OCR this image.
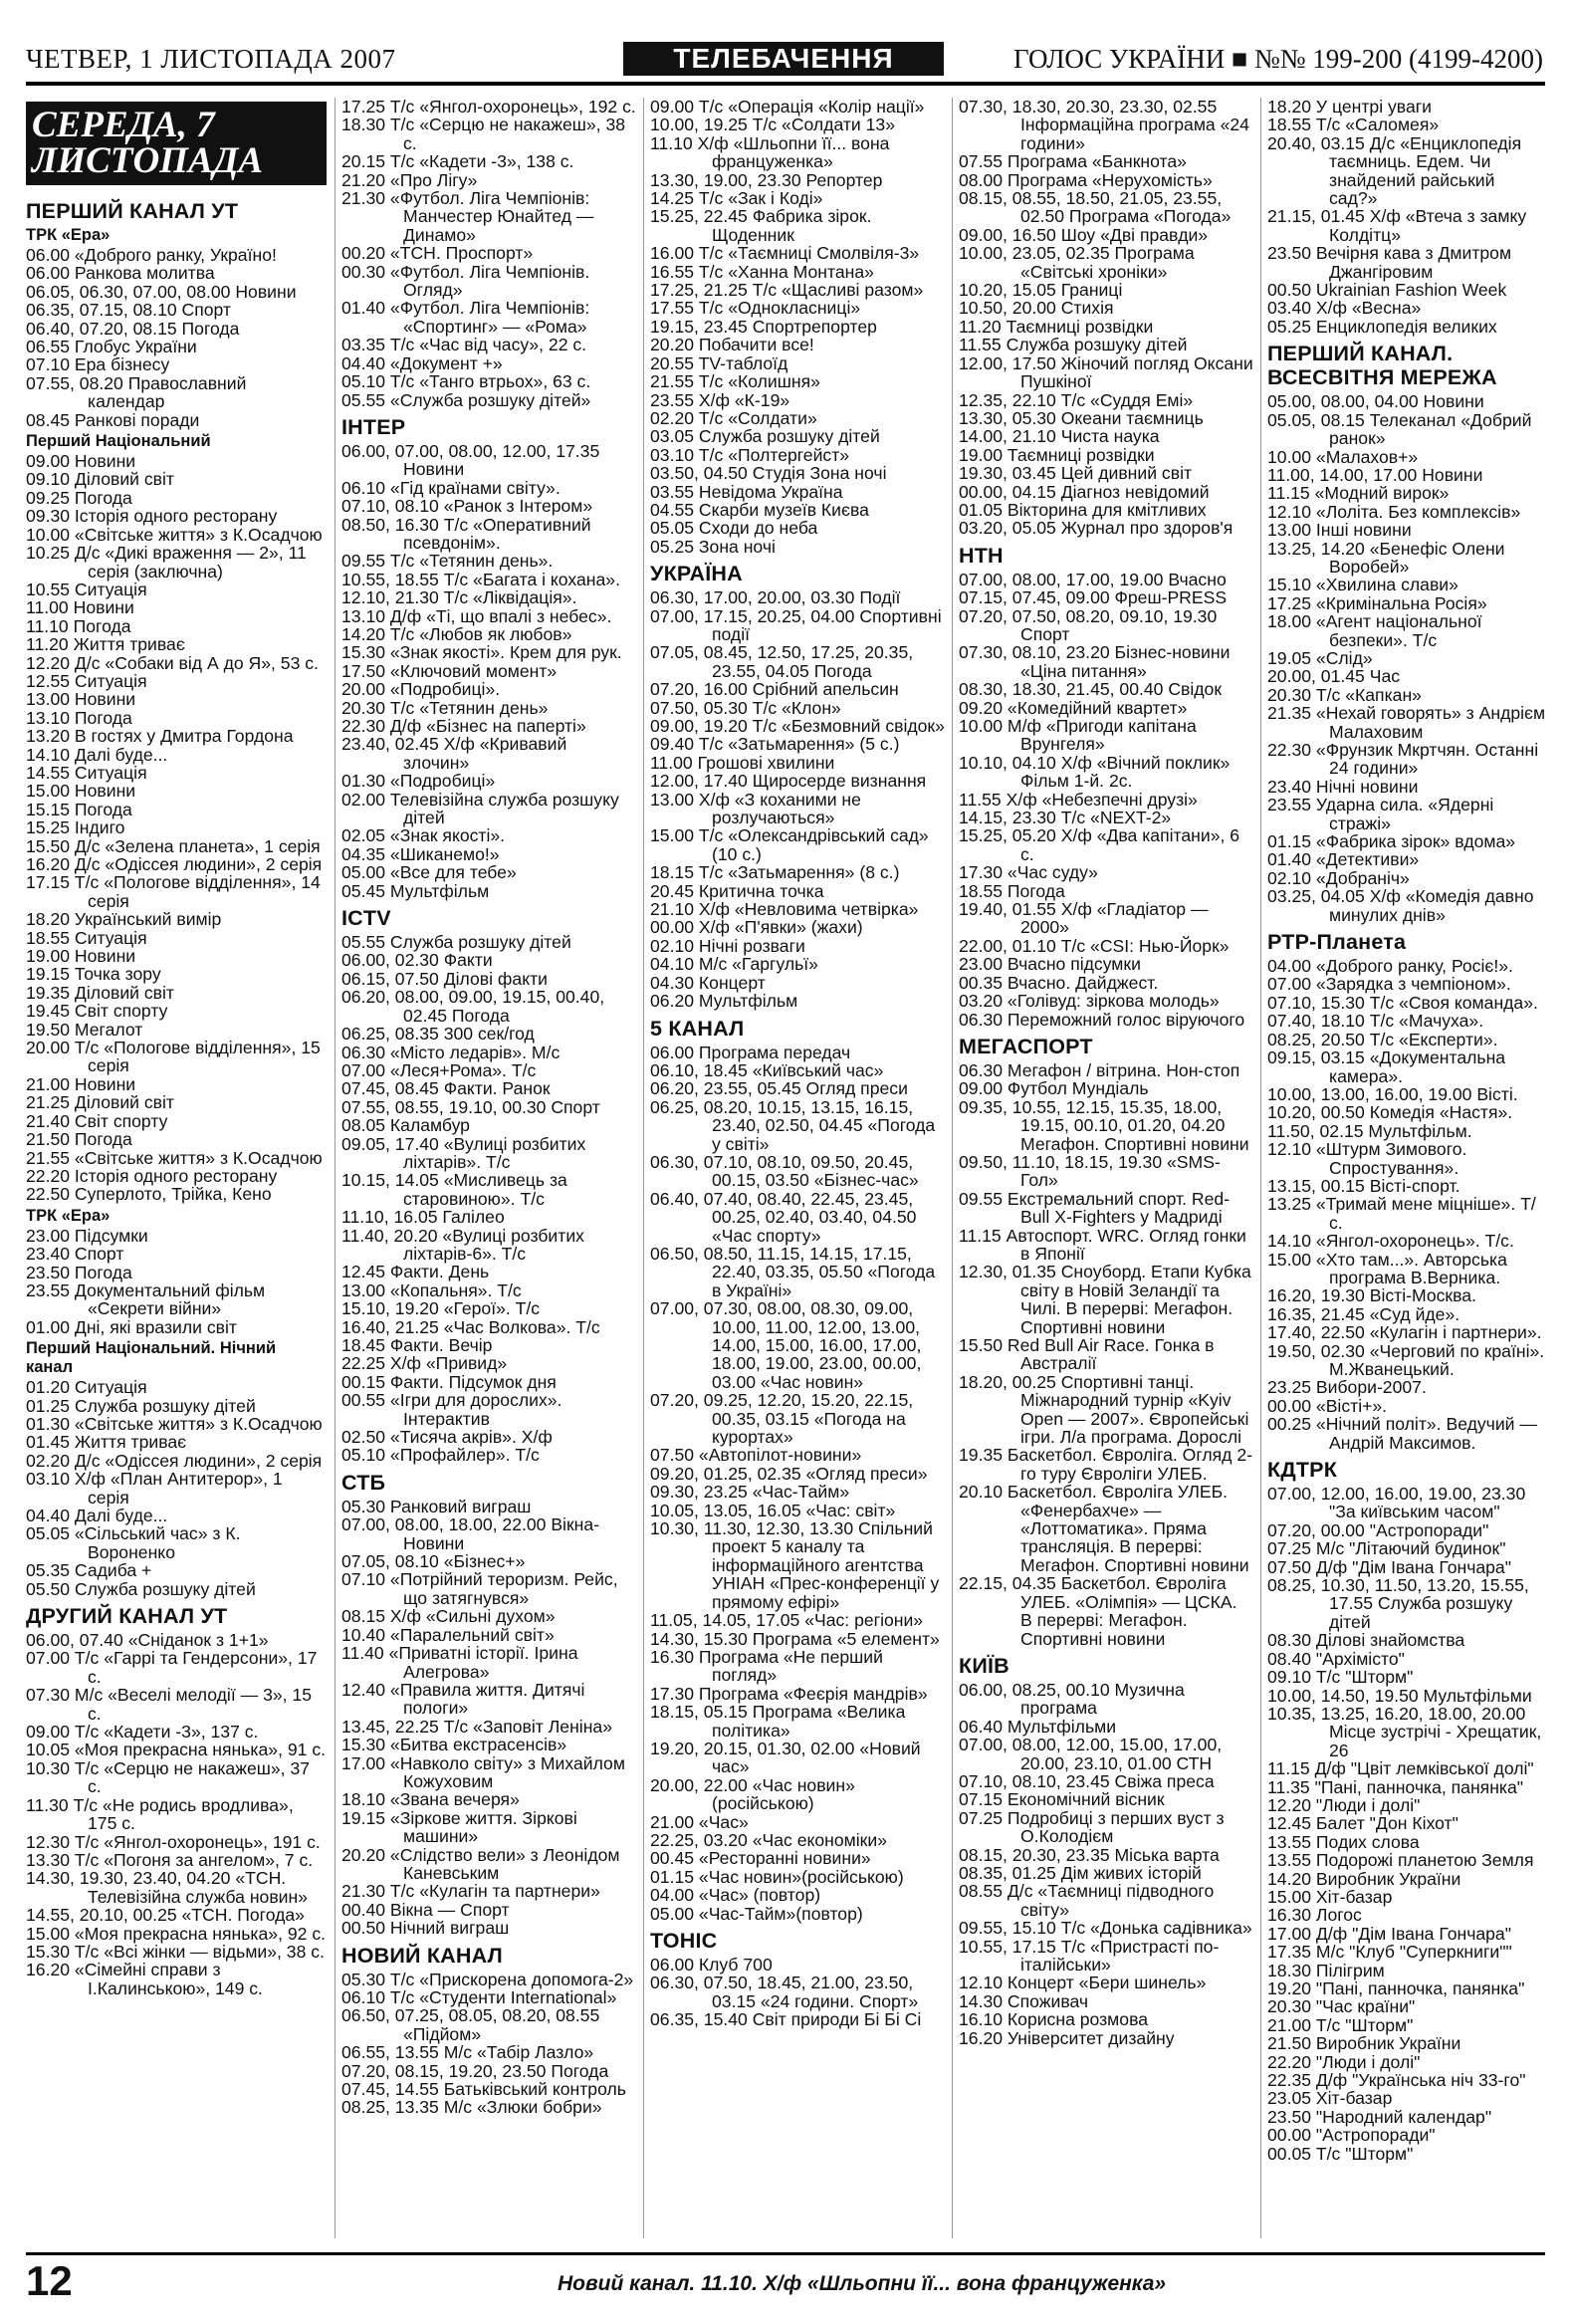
ЧЕТВЕР, 1 ЛИСТОПАДА 2007	ТЕЛЕБАЧЕННЯ	ГОЛОС УКРАЇНИ ■ №№ 199-200 (4199-4200)
СЕРЕДА, 7 ЛИСТОПАДА
ПЕРШИЙ КАНАЛ УТ
ТРК «Ера»
06.00 «Доброго ранку, Україно!
06.00 Ранкова молитва
06.05, 06.30, 07.00, 08.00 Новини
06.35, 07.15, 08.10 Спорт
06.40, 07.20, 08.15 Погода
06.55 Глобус України
07.10 Ера бізнесу
07.55, 08.20 Православний календар
08.45 Ранкові поради
Перший Національний
09.00 Новини
09.10 Діловий світ
09.25 Погода
09.30 Історія одного ресторану
10.00 «Світське життя» з К.Осадчою
10.25 Д/с «Дикі враження — 2», 11 серія (заключна)
10.55 Ситуація
11.00 Новини
11.10 Погода
11.20 Життя триває
12.20 Д/с «Собаки від А до Я», 53 с.
12.55 Ситуація
13.00 Новини
13.10 Погода
13.20 В гостях у Дмитра Гордона
14.10 Далі буде...
14.55 Ситуація
15.00 Новини
15.15 Погода
15.25 Індиго
15.50 Д/с «Зелена планета», 1 серія
16.20 Д/с «Одіссея людини», 2 серія
17.15 Т/с «Пологове відділення», 14 серія
18.20 Український вимір
18.55 Ситуація
19.00 Новини
19.15 Точка зору
19.35 Діловий світ
19.45 Світ спорту
19.50 Мегалот
20.00 Т/с «Пологове відділення», 15 серія
21.00 Новини
21.25 Діловий світ
21.40 Світ спорту
21.50 Погода
21.55 «Світське життя» з К.Осадчою
22.20 Історія одного ресторану
22.50 Суперлото, Трійка, Кено
ТРК «Ера»
23.00 Підсумки
23.40 Спорт
23.50 Погода
23.55 Документальний фільм «Секрети війни»
01.00 Дні, які вразили світ
Перший Національний. Нічний канал
01.20 Ситуація
01.25 Служба розшуку дітей
01.30 «Світське життя» з К.Осадчою
01.45 Життя триває
02.20 Д/с «Одіссея людини», 2 серія
03.10 Х/ф «План Антитерор», 1 серія
04.40 Далі буде...
05.05 «Сільський час» з К. Вороненко
05.35 Садиба +
05.50 Служба розшуку дітей
ДРУГИЙ КАНАЛ УТ
06.00, 07.40 «Сніданок з 1+1»
07.00 Т/с «Гаррі та Гендерсони», 17 с.
07.30 М/с «Веселі мелодії — 3», 15 с.
09.00 Т/с «Кадети -3», 137 с.
10.05 «Моя прекрасна нянька», 91 с.
10.30 Т/с «Серцю не накажеш», 37 с.
11.30 Т/с «Не родись вродлива», 175 с.
12.30 Т/с «Янгол-охоронець», 191 с.
13.30 Т/с «Погоня за ангелом», 7 с.
14.30, 19.30, 23.40, 04.20 «ТСН. Телевізійна служба новин»
14.55, 20.10, 00.25 «ТСН. Погода»
15.00 «Моя прекрасна нянька», 92 с.
15.30 Т/с «Всі жінки — відьми», 38 с.
16.20 «Сімейні справи з І.Калинською», 149 с.
17.25 Т/с «Янгол-охоронець», 192 с.
18.30 Т/с «Серцю не накажеш», 38 с.
20.15 Т/с «Кадети -3», 138 с.
21.20 «Про Лігу»
21.30 «Футбол. Ліга Чемпіонів: Манчестер Юнайтед — Динамо»
00.20 «ТСН. Проспорт»
00.30 «Футбол. Ліга Чемпіонів. Огляд»
01.40 «Футбол. Ліга Чемпіонів: «Спортинг» — «Рома»
03.35 Т/с «Час від часу», 22 с.
04.40 «Документ +»
05.10 Т/с «Танго втрьох», 63 с.
05.55 «Служба розшуку дітей»
ІНТЕР
06.00, 07.00, 08.00, 12.00, 17.35 Новини
06.10 «Гід країнами світу».
07.10, 08.10 «Ранок з Інтером»
08.50, 16.30 Т/с «Оперативний псевдонім».
09.55 Т/с «Тетянин день».
10.55, 18.55 Т/с «Багата і кохана».
12.10, 21.30 Т/с «Ліквідація».
13.10 Д/ф «Ті, що впалі з небес».
14.20 Т/с «Любов як любов»
15.30 «Знак якості». Крем для рук.
17.50 «Ключовий момент»
20.00 «Подробиці».
20.30 Т/с «Тетянин день»
22.30 Д/ф «Бізнес на паперті»
23.40, 02.45 Х/ф «Кривавий злочин»
01.30 «Подробиці»
02.00 Телевізійна служба розшуку дітей
02.05 «Знак якості».
04.35 «Шиканемо!»
05.00 «Все для тебе»
05.45 Мультфільм
ICTV
05.55 Служба розшуку дітей
06.00, 02.30 Факти
06.15, 07.50 Ділові факти
06.20, 08.00, 09.00, 19.15, 00.40, 02.45 Погода
06.25, 08.35 300 сек/год
06.30 «Місто ледарів». М/с
07.00 «Леся+Рома». Т/с
07.45, 08.45 Факти. Ранок
07.55, 08.55, 19.10, 00.30 Спорт
08.05 Каламбур
09.05, 17.40 «Вулиці розбитих ліхтарів». Т/с
10.15, 14.05 «Мисливець за старовиною». Т/с
11.10, 16.05 Галілео
11.40, 20.20 «Вулиці розбитих ліхтарів-6». Т/с
12.45 Факти. День
13.00 «Копальня». Т/с
15.10, 19.20 «Герої». Т/с
16.40, 21.25 «Час Волкова». Т/с
18.45 Факти. Вечір
22.25 Х/ф «Привид»
00.15 Факти. Підсумок дня
00.55 «Ігри для дорослих». Інтерактив
02.50 «Тисяча акрів». Х/ф
05.10 «Профайлер». Т/с
СТБ
05.30 Ранковий виграш
07.00, 08.00, 18.00, 22.00 Вікна-Новини
07.05, 08.10 «Бізнес+»
07.10 «Потрійний тероризм. Рейс, що затягнувся»
08.15 Х/ф «Сильні духом»
10.40 «Паралельний світ»
11.40 «Приватні історії. Ірина Алегрова»
12.40 «Правила життя. Дитячі пологи»
13.45, 22.25 Т/с «Заповіт Леніна»
15.30 «Битва екстрасенсів»
17.00 «Навколо світу» з Михайлом Кожуховим
18.10 «Звана вечеря»
19.15 «Зіркове життя. Зіркові машини»
20.20 «Слідство вели» з Леонідом Каневським
21.30 Т/с «Кулагін та партнери»
00.40 Вікна — Спорт
00.50 Нічний виграш
НОВИЙ КАНАЛ
05.30 Т/с «Прискорена допомога-2»
06.10 Т/с «Студенти International»
06.50, 07.25, 08.05, 08.20, 08.55 «Підйом»
06.55, 13.55 М/с «Табір Лазло»
07.20, 08.15, 19.20, 23.50 Погода
07.45, 14.55 Батьківський контроль
08.25, 13.35 М/с «Злюки бобри»
09.00 Т/с «Операція «Колір нації»
10.00, 19.25 Т/с «Солдати 13»
11.10 Х/ф «Шльопни її... вона француженка»
13.30, 19.00, 23.30 Репортер
14.25 Т/с «Зак і Коді»
15.25, 22.45 Фабрика зірок. Щоденник
16.00 Т/с «Таємниці Смолвіля-3»
16.55 Т/с «Ханна Монтана»
17.25, 21.25 Т/с «Щасливі разом»
17.55 Т/с «Однокласниці»
19.15, 23.45 Спортрепортер
20.20 Побачити все!
20.55 TV-таблоїд
21.55 Т/с «Колишня»
23.55 Х/ф «К-19»
02.20 Т/с «Солдати»
03.05 Служба розшуку дітей
03.10 Т/с «Полтергейст»
03.50, 04.50 Студія Зона ночі
03.55 Невідома Україна
04.55 Скарби музеїв Києва
05.05 Сходи до неба
05.25 Зона ночі
УКРАЇНА
06.30, 17.00, 20.00, 03.30 Події
07.00, 17.15, 20.25, 04.00 Спортивні події
07.05, 08.45, 12.50, 17.25, 20.35, 23.55, 04.05 Погода
07.20, 16.00 Срібний апельсин
07.50, 05.30 Т/с «Клон»
09.00, 19.20 Т/с «Безмовний свідок»
09.40 Т/с «Затьмарення» (5 с.)
11.00 Грошові хвилини
12.00, 17.40 Щиросерде визнання
13.00 Х/ф «З коханими не розлучаються»
15.00 Т/с «Олександрівський сад» (10 с.)
18.15 Т/с «Затьмарення» (8 с.)
20.45 Критична точка
21.10 Х/ф «Невловима четвірка»
00.00 Х/ф «П'явки» (жахи)
02.10 Нічні розваги
04.10 М/с «Гаргульї»
04.30 Концерт
06.20 Мультфільм
5 КАНАЛ
06.00 Програма передач
06.10, 18.45 «Київський час»
06.20, 23.55, 05.45 Огляд преси
06.25, 08.20, 10.15, 13.15, 16.15, 23.40, 02.50, 04.45 «Погода у світі»
06.30, 07.10, 08.10, 09.50, 20.45, 00.15, 03.50 «Бізнес-час»
06.40, 07.40, 08.40, 22.45, 23.45, 00.25, 02.40, 03.40, 04.50 «Час спорту»
06.50, 08.50, 11.15, 14.15, 17.15, 22.40, 03.35, 05.50 «Погода в Україні»
07.00, 07.30, 08.00, 08.30, 09.00, 10.00, 11.00, 12.00, 13.00, 14.00, 15.00, 16.00, 17.00, 18.00, 19.00, 23.00, 00.00, 03.00 «Час новин»
07.20, 09.25, 12.20, 15.20, 22.15, 00.35, 03.15 «Погода на курортах»
07.50 «Автопілот-новини»
09.20, 01.25, 02.35 «Огляд преси»
09.30, 23.25 «Час-Тайм»
10.05, 13.05, 16.05 «Час: світ»
10.30, 11.30, 12.30, 13.30 Спільний проект 5 каналу та інформаційного агентства УНІАН «Прес-конференції у прямому ефірі»
11.05, 14.05, 17.05 «Час: регіони»
14.30, 15.30 Програма «5 елемент»
16.30 Програма «Не перший погляд»
17.30 Програма «Феєрія мандрів»
18.15, 05.15 Програма «Велика політика»
19.20, 20.15, 01.30, 02.00 «Новий час»
20.00, 22.00 «Час новин» (російською)
21.00 «Час»
22.25, 03.20 «Час економіки»
00.45 «Ресторанні новини»
01.15 «Час новин»(російською)
04.00 «Час» (повтор)
05.00 «Час-Тайм»(повтор)
ТОНІС
06.00 Клуб 700
06.30, 07.50, 18.45, 21.00, 23.50, 03.15 «24 години. Спорт»
06.35, 15.40 Світ природи Бі Бі Сі
07.30, 18.30, 20.30, 23.30, 02.55 Інформаційна програма «24 години»
07.55 Програма «Банкнота»
08.00 Програма «Нерухомість»
08.15, 08.55, 18.50, 21.05, 23.55, 02.50 Програма «Погода»
09.00, 16.50 Шоу «Дві правди»
10.00, 23.05, 02.35 Програма «Світські хроніки»
10.20, 15.05 Границі
10.50, 20.00 Стихія
11.20 Таємниці розвідки
11.55 Служба розшуку дітей
12.00, 17.50 Жіночий погляд Оксани Пушкіної
12.35, 22.10 Т/с «Суддя Емі»
13.30, 05.30 Океани таємниць
14.00, 21.10 Чиста наука
19.00 Таємниці розвідки
19.30, 03.45 Цей дивний світ
00.00, 04.15 Діагноз невідомий
01.05 Вікторина для кмітливих
03.20, 05.05 Журнал про здоров'я
НТН
07.00, 08.00, 17.00, 19.00 Вчасно
07.15, 07.45, 09.00 Фреш-PRESS
07.20, 07.50, 08.20, 09.10, 19.30 Спорт
07.30, 08.10, 23.20 Бізнес-новини «Ціна питання»
08.30, 18.30, 21.45, 00.40 Свідок
09.20 «Комедійний квартет»
10.00 М/ф «Пригоди капітана Врунгеля»
10.10, 04.10 Х/ф «Вічний поклик» Фільм 1-й. 2с.
11.55 Х/ф «Небезпечні друзі»
14.15, 23.30 Т/с «NEXT-2»
15.25, 05.20 Х/ф «Два капітани», 6 с.
17.30 «Час суду»
18.55 Погода
19.40, 01.55 Х/ф «Гладіатор — 2000»
22.00, 01.10 Т/с «CSI: Нью-Йорк»
23.00 Вчасно підсумки
00.35 Вчасно. Дайджест.
03.20 «Голівуд: зіркова молодь»
06.30 Переможний голос віруючого
МЕГАСПОРТ
06.30 Мегафон / вітрина. Нон-стоп
09.00 Футбол Мундіаль
09.35, 10.55, 12.15, 15.35, 18.00, 19.15, 00.10, 01.20, 04.20 Мегафон. Спортивні новини
09.50, 11.10, 18.15, 19.30 «SMS-Гол»
09.55 Екстремальний спорт. Red-Bull X-Fighters у Мадриді
11.15 Автоспорт. WRC. Огляд гонки в Японії
12.30, 01.35 Сноуборд. Етапи Кубка світу в Новій Зеландії та Чилі. В перерві: Мегафон. Спортивні новини
15.50 Red Bull Air Race. Гонка в Австралії
18.20, 00.25 Спортивні танці. Міжнародний турнір «Kyiv Open — 2007». Європейські ігри. Л/а програма. Дорослі
19.35 Баскетбол. Євроліга. Огляд 2-го туру Євроліги УЛЕБ.
20.10 Баскетбол. Євроліга УЛЕБ. «Фенербахче» — «Лоттоматика». Пряма трансляція. В перерві: Мегафон. Спортивні новини
22.15, 04.35 Баскетбол. Євроліга УЛЕБ. «Олімпія» — ЦСКА. В перерві: Мегафон. Спортивні новини
КИЇВ
06.00, 08.25, 00.10 Музична програма
06.40 Мультфільми
07.00, 08.00, 12.00, 15.00, 17.00, 20.00, 23.10, 01.00 СТН
07.10, 08.10, 23.45 Свіжа преса
07.15 Економічний вісник
07.25 Подробиці з перших вуст з О.Колодієм
08.15, 20.30, 23.35 Міська варта
08.35, 01.25 Дім живих історій
08.55 Д/с «Таємниці підводного світу»
09.55, 15.10 Т/с «Донька садівника»
10.55, 17.15 Т/с «Пристрасті по-італійськи»
12.10 Концерт «Бери шинель»
14.30 Споживач
16.10 Корисна розмова
16.20 Університет дизайну
18.20 У центрі уваги
18.55 Т/с «Саломея»
20.40, 03.15 Д/с «Енциклопедія таємниць. Едем. Чи знайдений райський сад?»
21.15, 01.45 Х/ф «Втеча з замку Колдітц»
23.50 Вечірня кава з Дмитром Джангіровим
00.50 Ukrainian Fashion Week
03.40 Х/ф «Весна»
05.25 Енциклопедія великих
ПЕРШИЙ КАНАЛ. ВСЕСВІТНЯ МЕРЕЖА
05.00, 08.00, 04.00 Новини
05.05, 08.15 Телеканал «Добрий ранок»
10.00 «Малахов+»
11.00, 14.00, 17.00 Новини
11.15 «Модний вирок»
12.10 «Лоліта. Без комплексів»
13.00 Інші новини
13.25, 14.20 «Бенефіс Олени Воробей»
15.10 «Хвилина слави»
17.25 «Кримінальна Росія»
18.00 «Агент національної безпеки». Т/с
19.05 «Слід»
20.00, 01.45 Час
20.30 Т/с «Капкан»
21.35 «Нехай говорять» з Андрієм Малаховим
22.30 «Фрунзик Мкртчян. Останні 24 години»
23.40 Нічні новини
23.55 Ударна сила. «Ядерні стражі»
01.15 «Фабрика зірок» вдома»
01.40 «Детективи»
02.10 «Добраніч»
03.25, 04.05 Х/ф «Комедія давно минулих днів»
РТР-Планета
04.00 «Доброго ранку, Росіє!».
07.00 «Зарядка з чемпіоном».
07.10, 15.30 Т/с «Своя команда».
07.40, 18.10 Т/с «Мачуха».
08.25, 20.50 Т/с «Експерти».
09.15, 03.15 «Документальна камера».
10.00, 13.00, 16.00, 19.00 Вісті.
10.20, 00.50 Комедія «Настя».
11.50, 02.15 Мультфільм.
12.10 «Штурм Зимового. Спростування».
13.15, 00.15 Вісті-спорт.
13.25 «Тримай мене міцніше». Т/с.
14.10 «Янгол-охоронець». Т/с.
15.00 «Хто там...». Авторська програма В.Верника.
16.20, 19.30 Вісті-Москва.
16.35, 21.45 «Суд йде».
17.40, 22.50 «Кулагін і партнери».
19.50, 02.30 «Черговий по країні». М.Жванецький.
23.25 Вибори-2007.
00.00 «Вісті+».
00.25 «Нічний політ». Ведучий — Андрій Максимов.
КДТРК
07.00, 12.00, 16.00, 19.00, 23.30 "За київським часом"
07.20, 00.00 "Астропоради"
07.25 М/с "Літаючий будинок"
07.50 Д/ф "Дім Івана Гончара"
08.25, 10.30, 11.50, 13.20, 15.55, 17.55 Служба розшуку дітей
08.30 Ділові знайомства
08.40 "Архімісто"
09.10 Т/с "Шторм"
10.00, 14.50, 19.50 Мультфільми
10.35, 13.25, 16.20, 18.00, 20.00 Місце зустрічі - Хрещатик, 26
11.15 Д/ф "Цвіт лемківської долі"
11.35 "Пані, панночка, панянка"
12.20 "Люди і долі"
12.45 Балет "Дон Кіхот"
13.55 Подих слова
13.55 Подорожі планетою Земля
14.20 Виробник України
15.00 Хіт-базар
16.30 Логос
17.00 Д/ф "Дім Івана Гончара"
17.35 М/с "Клуб "Суперкниги""
18.30 Пілігрим
19.20 "Пані, панночка, панянка"
20.30 "Час країни"
21.00 Т/с "Шторм"
21.50 Виробник України
22.20 "Люди і долі"
22.35 Д/ф "Українська ніч 33-го"
23.05 Хіт-базар
23.50 "Народний календар"
00.00 "Астропоради"
00.05 Т/с "Шторм"
12	Новий канал. 11.10. Х/ф «Шльопни її... вона француженка»
